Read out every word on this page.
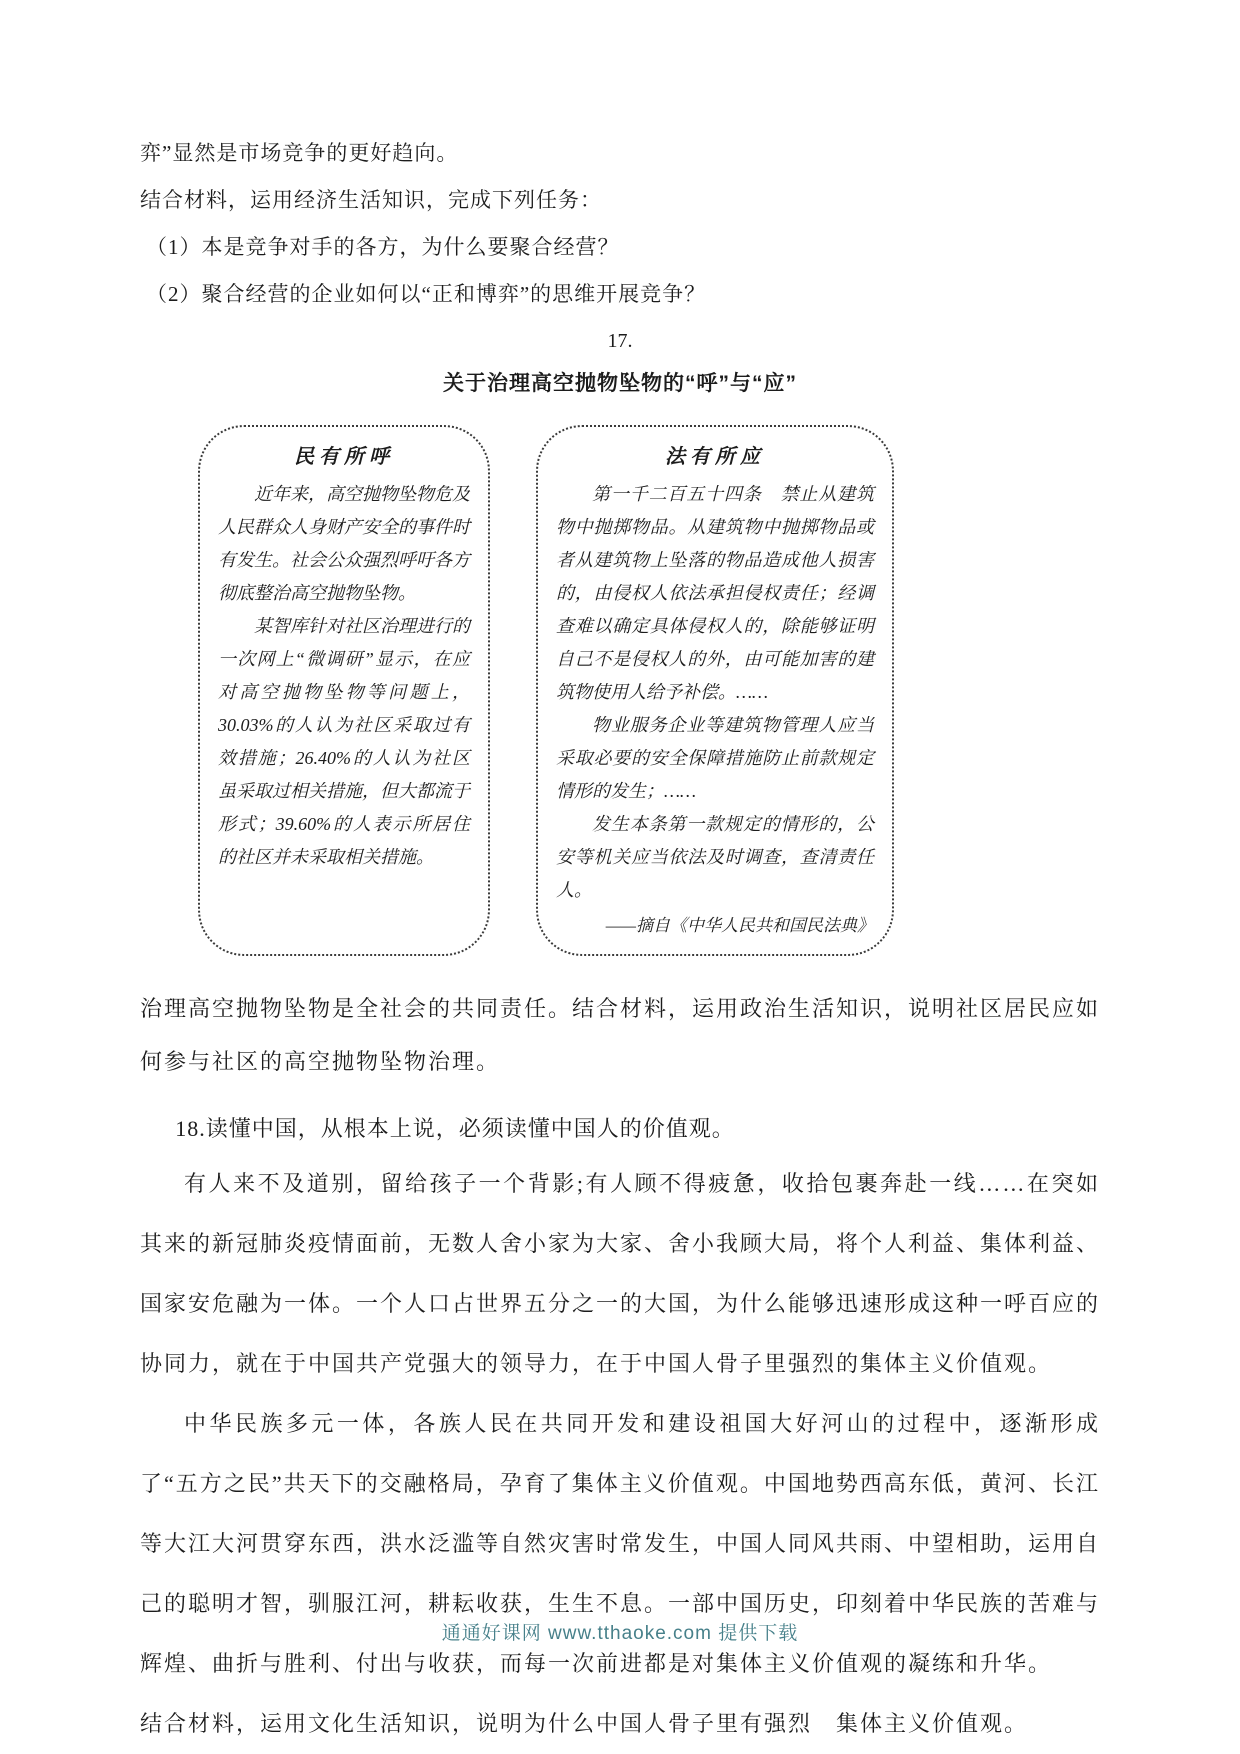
弈”显然是市场竞争的更好趋向。

结合材料，运用经济生活知识，完成下列任务：

（1）本是竞争对手的各方，为什么要聚合经营？

（2）聚合经营的企业如何以“正和博弈”的思维开展竞争？

17.
关于治理高空抛物坠物的“呼”与“应”
民有所呼

近年来，高空抛物坠物危及人民群众人身财产安全的事件时有发生。社会公众强烈呼吁各方彻底整治高空抛物坠物。

某智库针对社区治理进行的一次网上“微调研”显示，在应对高空抛物坠物等问题上，30.03%的人认为社区采取过有效措施；26.40%的人认为社区虽采取过相关措施，但大都流于形式；39.60%的人表示所居住的社区并未采取相关措施。

法有所应

第一千二百五十四条　禁止从建筑物中抛掷物品。从建筑物中抛掷物品或者从建筑物上坠落的物品造成他人损害的，由侵权人依法承担侵权责任；经调查难以确定具体侵权人的，除能够证明自己不是侵权人的外，由可能加害的建筑物使用人给予补偿。……

物业服务企业等建筑物管理人应当采取必要的安全保障措施防止前款规定情形的发生；……

发生本条第一款规定的情形的，公安等机关应当依法及时调查，查清责任人。

——摘自《中华人民共和国民法典》

治理高空抛物坠物是全社会的共同责任。结合材料，运用政治生活知识，说明社区居民应如何参与社区的高空抛物坠物治理。

18.读懂中国，从根本上说，必须读懂中国人的价值观。

有人来不及道别，留给孩子一个背影;有人顾不得疲惫，收拾包裹奔赴一线……在突如其来的新冠肺炎疫情面前，无数人舍小家为大家、舍小我顾大局，将个人利益、集体利益、国家安危融为一体。一个人口占世界五分之一的大国，为什么能够迅速形成这种一呼百应的协同力，就在于中国共产党强大的领导力，在于中国人骨子里强烈的集体主义价值观。

中华民族多元一体，各族人民在共同开发和建设祖国大好河山的过程中，逐渐形成了“五方之民”共天下的交融格局，孕育了集体主义价值观。中国地势西高东低，黄河、长江等大江大河贯穿东西，洪水泛滥等自然灾害时常发生，中国人同风共雨、中望相助，运用自己的聪明才智，驯服江河，耕耘收获，生生不息。一部中国历史，印刻着中华民族的苦难与辉煌、曲折与胜利、付出与收获，而每一次前进都是对集体主义价值观的凝练和升华。

结合材料，运用文化生活知识，说明为什么中国人骨子里有强烈　集体主义价值观。

通通好课网 www.tthaoke.com 提供下载
